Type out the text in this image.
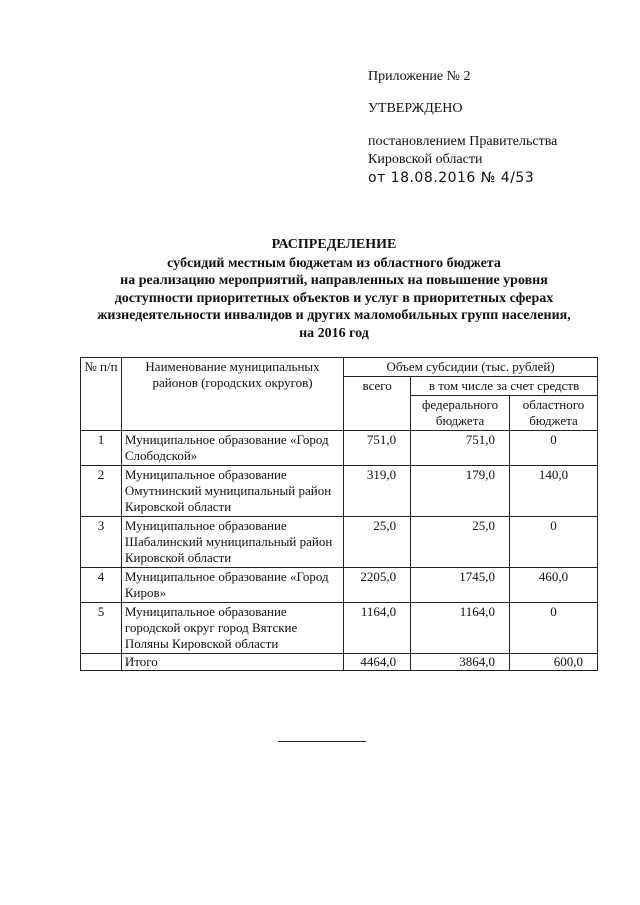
Приложение № 2
УТВЕРЖДЕНО
постановлением Правительства
Кировской области
от 18.08.2016 № 4/53
РАСПРЕДЕЛЕНИЕ
субсидий местным бюджетам из областного бюджета
на реализацию мероприятий, направленных на повышение уровня
доступности приоритетных объектов и услуг в приоритетных сферах
жизнедеятельности инвалидов и других маломобильных групп населения,
на 2016 год
№ п/п	Наименование муниципальных районов (городских округов)	Объем субсидии (тыс. рублей)		
		всего	в том числе за счет средств	
			федерального бюджета	областного бюджета
1	Муниципальное образование «Город Слободской»	751,0	751,0	0
2	Муниципальное образование Омутнинский муниципальный район Кировской области	319,0	179,0	140,0
3	Муниципальное образование Шабалинский муниципальный район Кировской области	25,0	25,0	0
4	Муниципальное образование «Город Киров»	2205,0	1745,0	460,0
5	Муниципальное образование городской округ город Вятские Поляны Кировской области	1164,0	1164,0	0
	Итого	4464,0	3864,0	600,0
